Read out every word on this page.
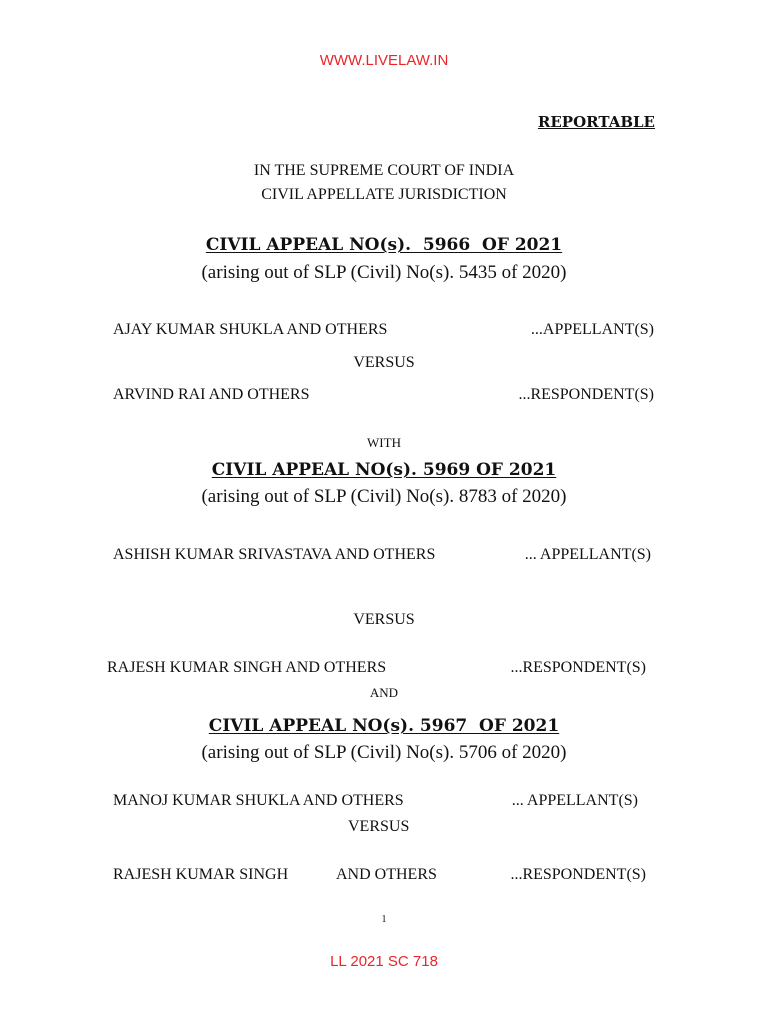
WWW.LIVELAW.IN
REPORTABLE
IN THE SUPREME COURT OF INDIA
CIVIL APPELLATE JURISDICTION
CIVIL APPEAL NO(s).  5966  OF 2021
(arising out of SLP (Civil) No(s). 5435 of 2020)
AJAY KUMAR SHUKLA AND OTHERS	...APPELLANT(S)
VERSUS
ARVIND RAI AND OTHERS	...RESPONDENT(S)
WITH
CIVIL APPEAL NO(s). 5969 OF 2021
(arising out of SLP (Civil) No(s). 8783 of 2020)
ASHISH KUMAR SRIVASTAVA AND OTHERS	... APPELLANT(S)
VERSUS
RAJESH KUMAR SINGH AND OTHERS	...RESPONDENT(S)
AND
CIVIL APPEAL NO(s). 5967  OF 2021
(arising out of SLP (Civil) No(s). 5706 of 2020)
MANOJ KUMAR SHUKLA AND OTHERS	... APPELLANT(S)
VERSUS
RAJESH KUMAR SINGH	AND OTHERS	...RESPONDENT(S)
1
LL 2021 SC 718
